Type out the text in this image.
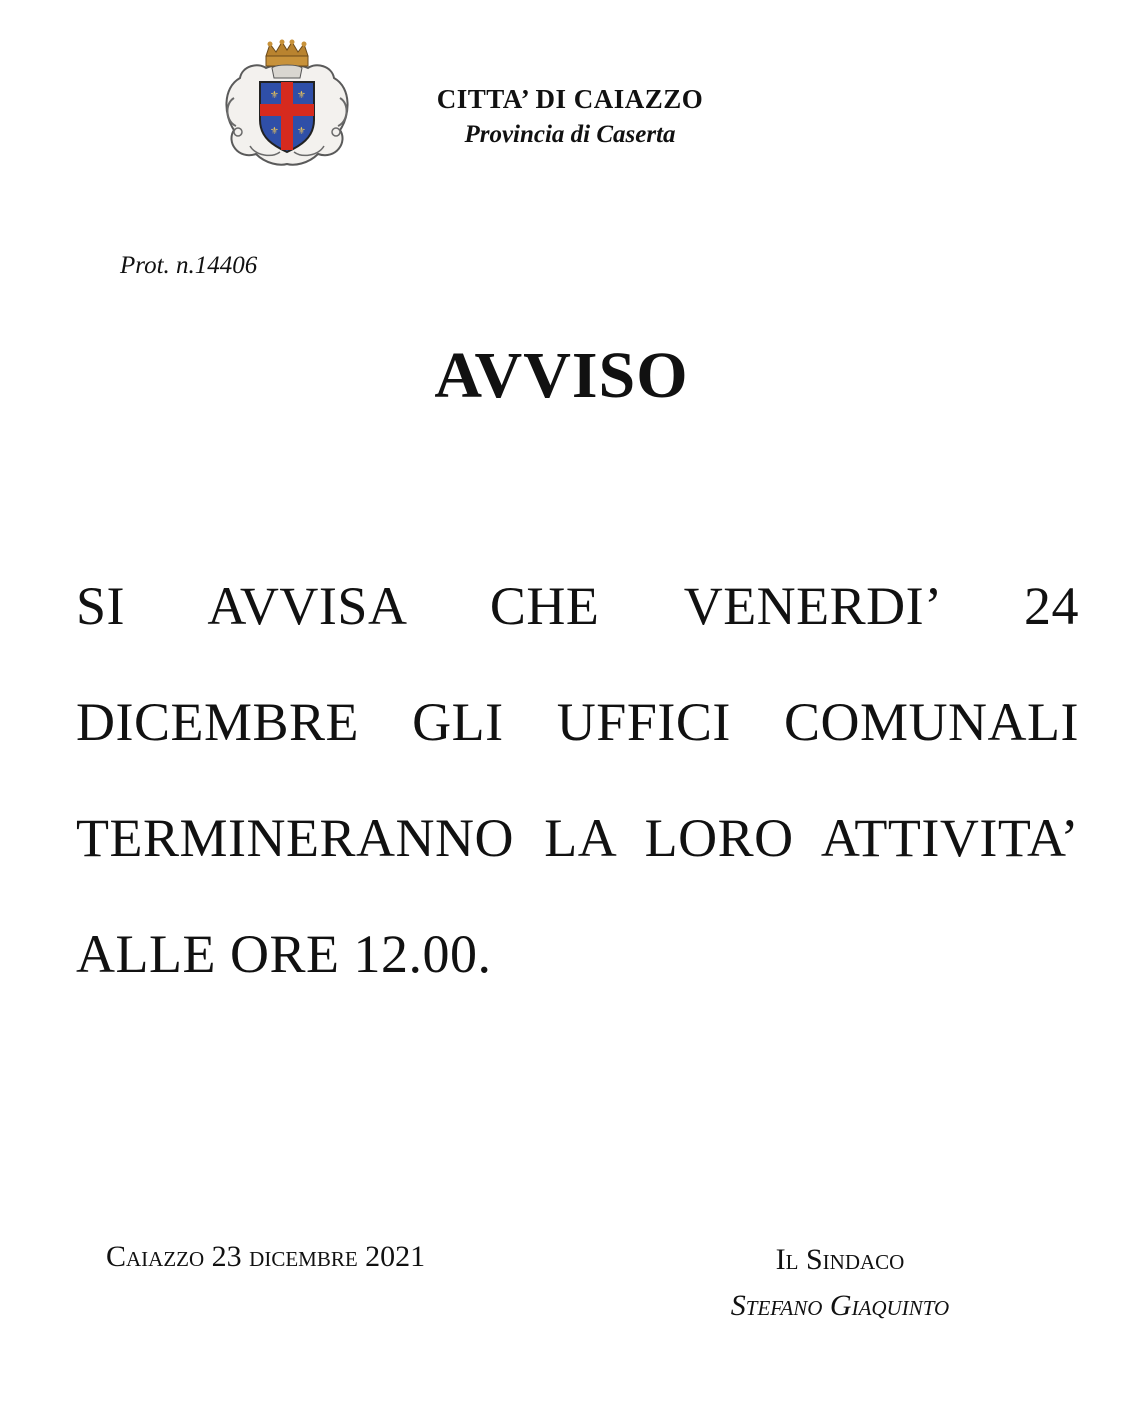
⚜ ⚜
⚜ ⚜
CITTA’ DI CAIAZZO
Provincia di Caserta
Prot. n.14406
AVVISO
SI AVVISA CHE VENERDI’ 24 DICEMBRE GLI UFFICI COMUNALI TERMINERANNO LA LORO ATTIVITA’ ALLE ORE 12.00.
Caiazzo 23 dicembre 2021	Il Sindaco
Stefano Giaquinto
